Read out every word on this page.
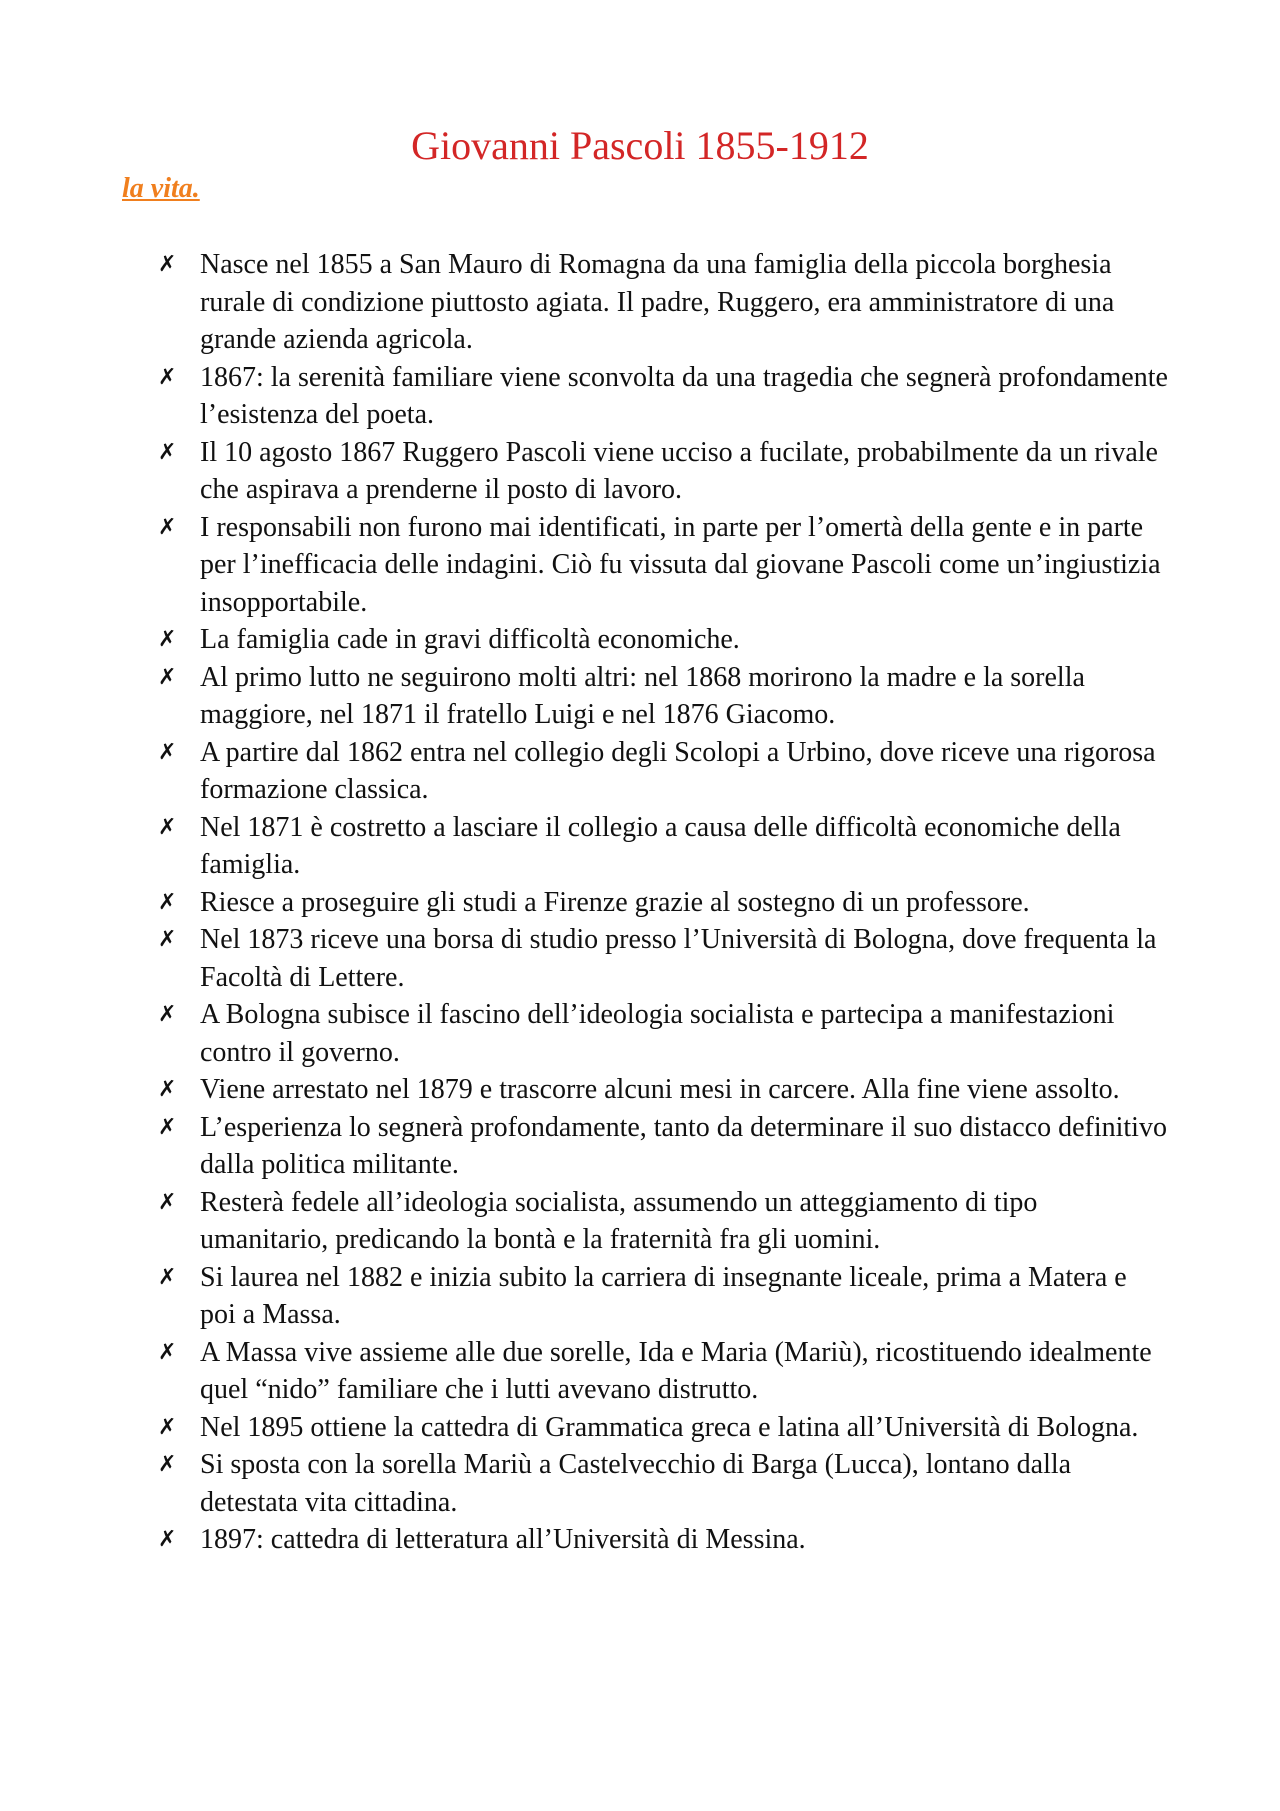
Giovanni Pascoli 1855-1912
la vita.
✗ Nasce nel 1855 a San Mauro di Romagna da una famiglia della piccola borghesia rurale di condizione piuttosto agiata. Il padre, Ruggero, era amministratore di una grande azienda agricola.
✗ 1867: la serenità familiare viene sconvolta da una tragedia che segnerà profondamente l’esistenza del poeta.
✗ Il 10 agosto 1867 Ruggero Pascoli viene ucciso a fucilate, probabilmente da un rivale che aspirava a prenderne il posto di lavoro.
✗ I responsabili non furono mai identificati, in parte per l’omertà della gente e in parte per l’inefficacia delle indagini. Ciò fu vissuta dal giovane Pascoli come un’ingiustizia insopportabile.
✗ La famiglia cade in gravi difficoltà economiche.
✗ Al primo lutto ne seguirono molti altri: nel 1868 morirono la madre e la sorella maggiore, nel 1871 il fratello Luigi e nel 1876 Giacomo.
✗ A partire dal 1862 entra nel collegio degli Scolopi a Urbino, dove riceve una rigorosa formazione classica.
✗ Nel 1871 è costretto a lasciare il collegio a causa delle difficoltà economiche della famiglia.
✗ Riesce a proseguire gli studi a Firenze grazie al sostegno di un professore.
✗ Nel 1873 riceve una borsa di studio presso l’Università di Bologna, dove frequenta la Facoltà di Lettere.
✗ A Bologna subisce il fascino dell’ideologia socialista e partecipa a manifestazioni contro il governo.
✗ Viene arrestato nel 1879 e trascorre alcuni mesi in carcere. Alla fine viene assolto.
✗ L’esperienza lo segnerà profondamente, tanto da determinare il suo distacco definitivo dalla politica militante.
✗ Resterà fedele all’ideologia socialista, assumendo un atteggiamento di tipo umanitario, predicando la bontà e la fraternità fra gli uomini.
✗ Si laurea nel 1882 e inizia subito la carriera di insegnante liceale, prima a Matera e poi a Massa.
✗ A Massa vive assieme alle due sorelle, Ida e Maria (Mariù), ricostituendo idealmente quel “nido” familiare che i lutti avevano distrutto.
✗ Nel 1895 ottiene la cattedra di Grammatica greca e latina all’Università di Bologna.
✗ Si sposta con la sorella Mariù a Castelvecchio di Barga (Lucca), lontano dalla detestata vita cittadina.
✗ 1897: cattedra di letteratura all’Università di Messina.
